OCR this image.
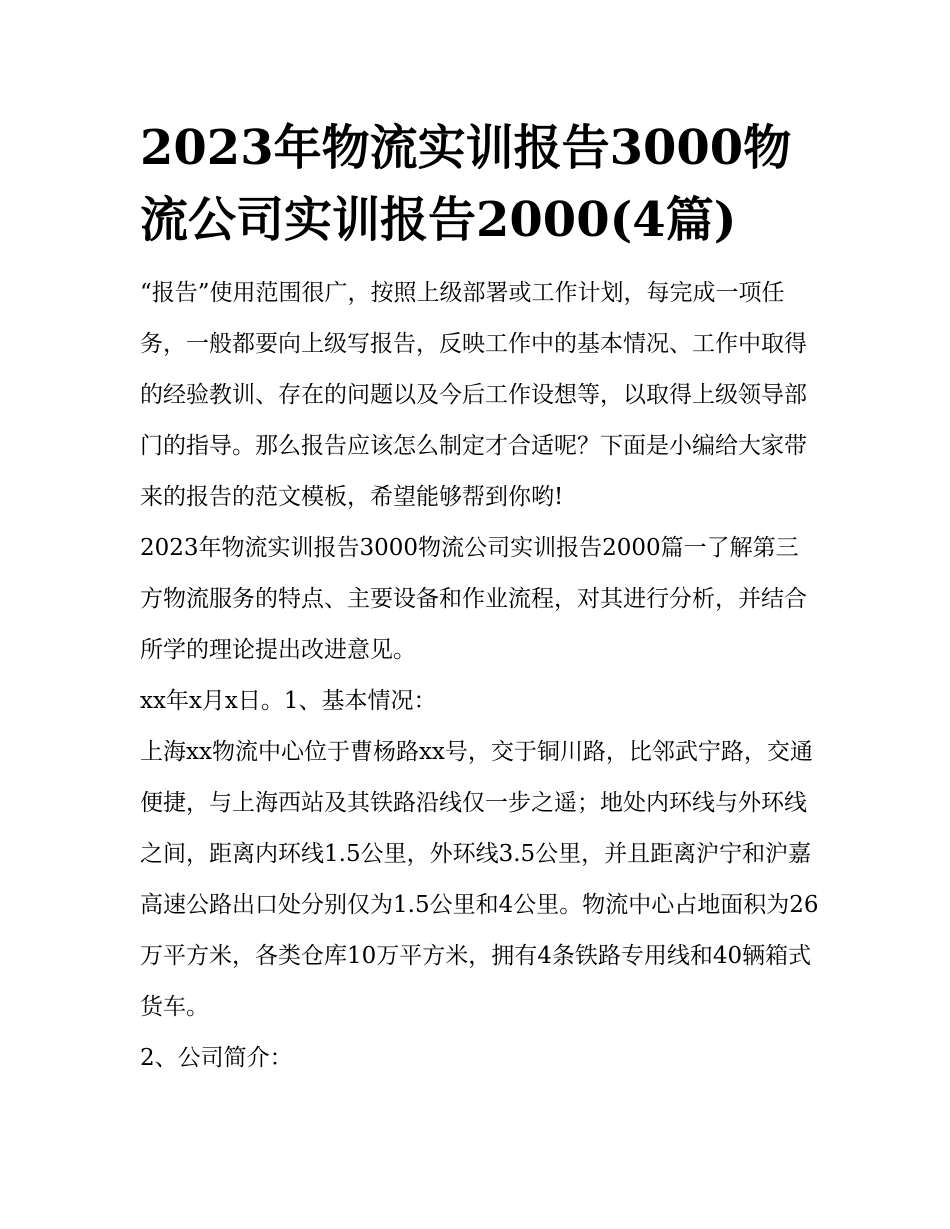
2023年物流实训报告3000物流公司实训报告2000(4篇)

“报告”使用范围很广，按照上级部署或工作计划，每完成一项任务，一般都要向上级写报告，反映工作中的基本情况、工作中取得的经验教训、存在的问题以及今后工作设想等，以取得上级领导部门的指导。那么报告应该怎么制定才合适呢？下面是小编给大家带来的报告的范文模板，希望能够帮到你哟!

2023年物流实训报告3000物流公司实训报告2000篇一了解第三方物流服务的特点、主要设备和作业流程，对其进行分析，并结合所学的理论提出改进意见。

xx年x月x日。1、基本情况：

上海xx物流中心位于曹杨路xx号，交于铜川路，比邻武宁路，交通便捷，与上海西站及其铁路沿线仅一步之遥；地处内环线与外环线之间，距离内环线1.5公里，外环线3.5公里，并且距离沪宁和沪嘉高速公路出口处分别仅为1.5公里和4公里。物流中心占地面积为26万平方米，各类仓库10万平方米，拥有4条铁路专用线和40辆箱式货车。

2、公司简介：
